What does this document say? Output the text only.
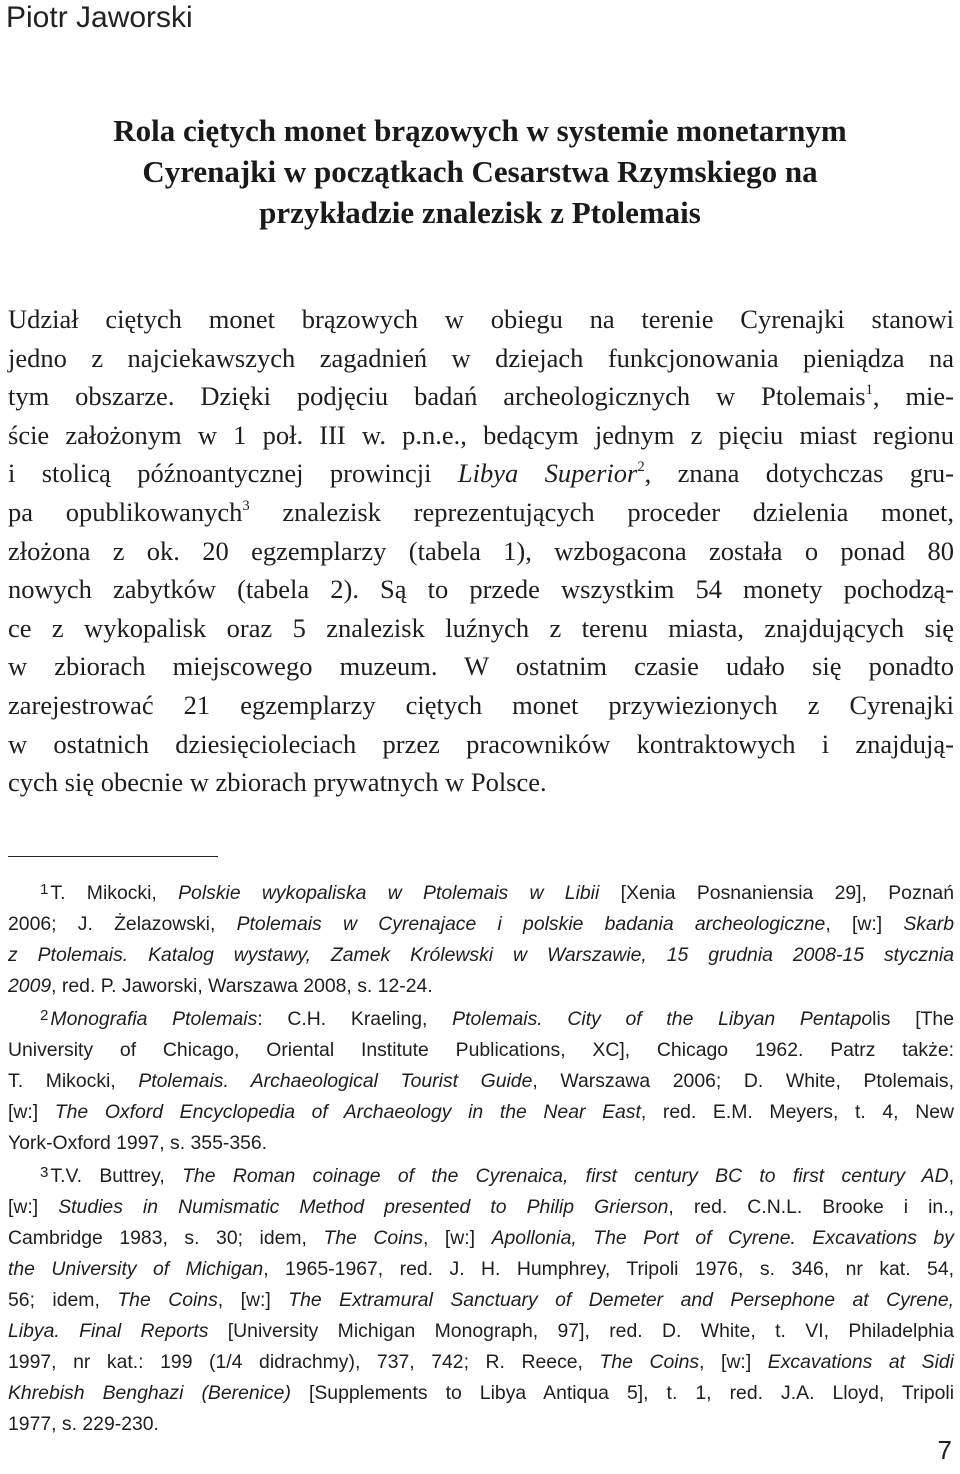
Piotr Jaworski
Rola ciętych monet brązowych w systemie monetarnym
Cyrenajki w początkach Cesarstwa Rzymskiego na
przykładzie znalezisk z Ptolemais
Udział ciętych monet brązowych w obiegu na terenie Cyrenajki stanowi
jedno z najciekawszych zagadnień w dziejach funkcjonowania pieniądza na
tym obszarze. Dzięki podjęciu badań archeologicznych w Ptolemais$^1$, mie-
ście założonym w 1 poł. III w. p.n.e., bedącym jednym z pięciu miast regionu
i stolicą późnoantycznej prowincji Libya Superior$^2$, znana dotychczas gru-
pa opublikowanych$^3$ znalezisk reprezentujących proceder dzielenia monet,
złożona z ok. 20 egzemplarzy (tabela 1), wzbogacona została o ponad 80
nowych zabytków (tabela 2). Są to przede wszystkim 54 monety pochodzą-
ce z wykopalisk oraz 5 znalezisk luźnych z terenu miasta, znajdujących się
w zbiorach miejscowego muzeum. W ostatnim czasie udało się ponadto
zarejestrować 21 egzemplarzy ciętych monet przywiezionych z Cyrenajki
w ostatnich dziesięcioleciach przez pracowników kontraktowych i znajdują-
cych się obecnie w zbiorach prywatnych w Polsce.
$^1$ T. Mikocki, Polskie wykopaliska w Ptolemais w Libii [Xenia Posnaniensia 29], Poznań
2006; J. Żelazowski, Ptolemais w Cyrenajace i polskie badania archeologiczne, [w:] Skarb
z Ptolemais. Katalog wystawy, Zamek Królewski w Warszawie, 15 grudnia 2008-15 stycznia
2009, red. P. Jaworski, Warszawa 2008, s. 12-24.
$^2$ Monografia Ptolemais: C.H. Kraeling, Ptolemais. City of the Libyan Pentapolis [The
University of Chicago, Oriental Institute Publications, XC], Chicago 1962. Patrz także:
T. Mikocki, Ptolemais. Archaeological Tourist Guide, Warszawa 2006; D. White, Ptolemais,
[w:] The Oxford Encyclopedia of Archaeology in the Near East, red. E.M. Meyers, t. 4, New
York-Oxford 1997, s. 355-356.
$^3$ T.V. Buttrey, The Roman coinage of the Cyrenaica, first century BC to first century AD,
[w:] Studies in Numismatic Method presented to Philip Grierson, red. C.N.L. Brooke i in.,
Cambridge 1983, s. 30; idem, The Coins, [w:] Apollonia, The Port of Cyrene. Excavations by
the University of Michigan, 1965-1967, red. J. H. Humphrey, Tripoli 1976, s. 346, nr kat. 54,
56; idem, The Coins, [w:] The Extramural Sanctuary of Demeter and Persephone at Cyrene,
Libya. Final Reports [University Michigan Monograph, 97], red. D. White, t. VI, Philadelphia
1997, nr kat.: 199 (1/4 didrachmy), 737, 742; R. Reece, The Coins, [w:] Excavations at Sidi
Khrebish Benghazi (Berenice) [Supplements to Libya Antiqua 5], t. 1, red. J.A. Lloyd, Tripoli
1977, s. 229-230.
7
